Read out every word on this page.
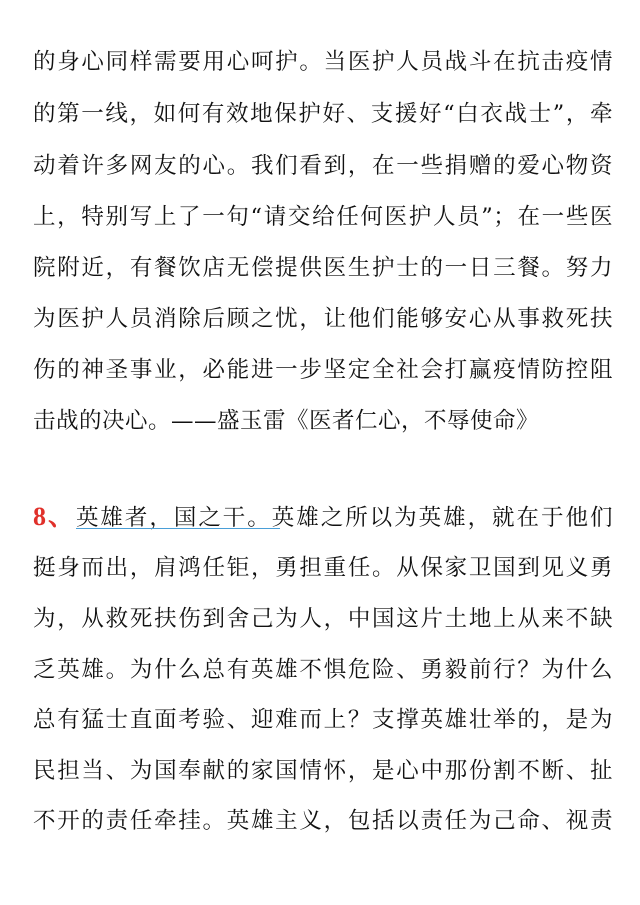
的身心同样需要用心呵护。当医护人员战斗在抗击疫情
的第一线，如何有效地保护好、支援好“白衣战士”，牵
动着许多网友的心。我们看到，在一些捐赠的爱心物资
上，特别写上了一句“请交给任何医护人员”；在一些医
院附近，有餐饮店无偿提供医生护士的一日三餐。努力
为医护人员消除后顾之忧，让他们能够安心从事救死扶
伤的神圣事业，必能进一步坚定全社会打赢疫情防控阻
击战的决心。——盛玉雷《医者仁心，不辱使命》
8、英雄者，国之干。
英雄之所以为英雄，就在于他们
挺身而出，肩鸿任钜，勇担重任。从保家卫国到见义勇
为，从救死扶伤到舍己为人，中国这片土地上从来不缺
乏英雄。为什么总有英雄不惧危险、勇毅前行？为什么
总有猛士直面考验、迎难而上？支撑英雄壮举的，是为
民担当、为国奉献的家国情怀，是心中那份割不断、扯
不开的责任牵挂。英雄主义，包括以责任为己命、视责
